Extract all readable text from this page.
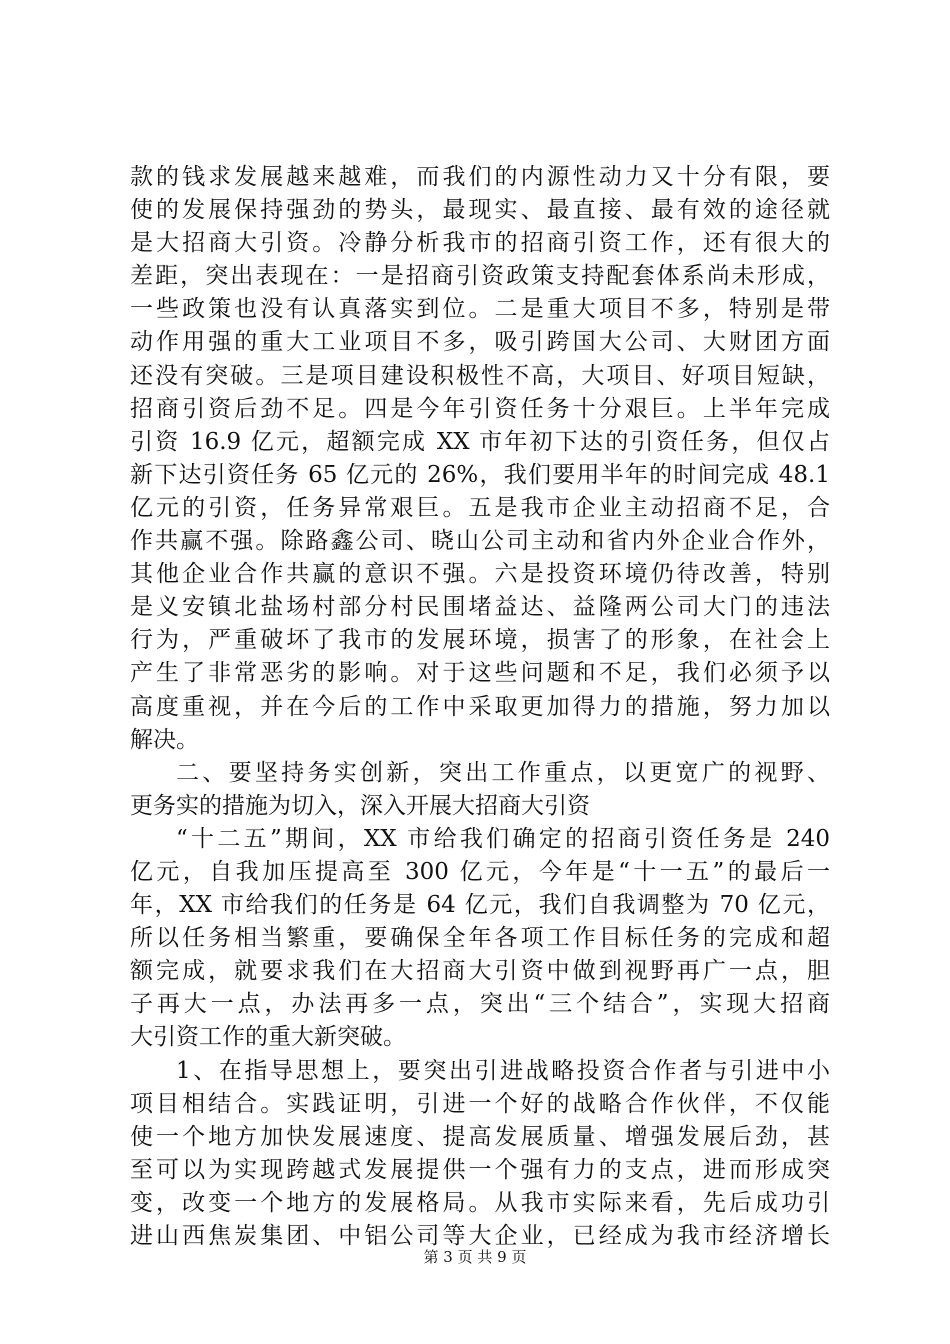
款的钱求发展越来越难，而我们的内源性动力又十分有限，要
使的发展保持强劲的势头，最现实、最直接、最有效的途径就
是大招商大引资。冷静分析我市的招商引资工作，还有很大的
差距，突出表现在：一是招商引资政策支持配套体系尚未形成，
一些政策也没有认真落实到位。二是重大项目不多，特别是带
动作用强的重大工业项目不多，吸引跨国大公司、大财团方面
还没有突破。三是项目建设积极性不高，大项目、好项目短缺，
招商引资后劲不足。四是今年引资任务十分艰巨。上半年完成
引资 16.9 亿元，超额完成 XX 市年初下达的引资任务，但仅占
新下达引资任务 65 亿元的 26%，我们要用半年的时间完成 48.1
亿元的引资，任务异常艰巨。五是我市企业主动招商不足，合
作共赢不强。除路鑫公司、晓山公司主动和省内外企业合作外，
其他企业合作共赢的意识不强。六是投资环境仍待改善，特别
是义安镇北盐场村部分村民围堵益达、益隆两公司大门的违法
行为，严重破坏了我市的发展环境，损害了的形象，在社会上
产生了非常恶劣的影响。对于这些问题和不足，我们必须予以
高度重视，并在今后的工作中采取更加得力的措施，努力加以
解决。
二、要坚持务实创新，突出工作重点，以更宽广的视野、
更务实的措施为切入，深入开展大招商大引资
“十二五”期间，XX 市给我们确定的招商引资任务是 240
亿元，自我加压提高至 300 亿元，今年是“十一五”的最后一
年，XX 市给我们的任务是 64 亿元，我们自我调整为 70 亿元，
所以任务相当繁重，要确保全年各项工作目标任务的完成和超
额完成，就要求我们在大招商大引资中做到视野再广一点，胆
子再大一点，办法再多一点，突出“三个结合”，实现大招商
大引资工作的重大新突破。
1、在指导思想上，要突出引进战略投资合作者与引进中小
项目相结合。实践证明，引进一个好的战略合作伙伴，不仅能
使一个地方加快发展速度、提高发展质量、增强发展后劲，甚
至可以为实现跨越式发展提供一个强有力的支点，进而形成突
变，改变一个地方的发展格局。从我市实际来看，先后成功引
进山西焦炭集团、中铝公司等大企业，已经成为我市经济增长
第 3 页 共 9 页
